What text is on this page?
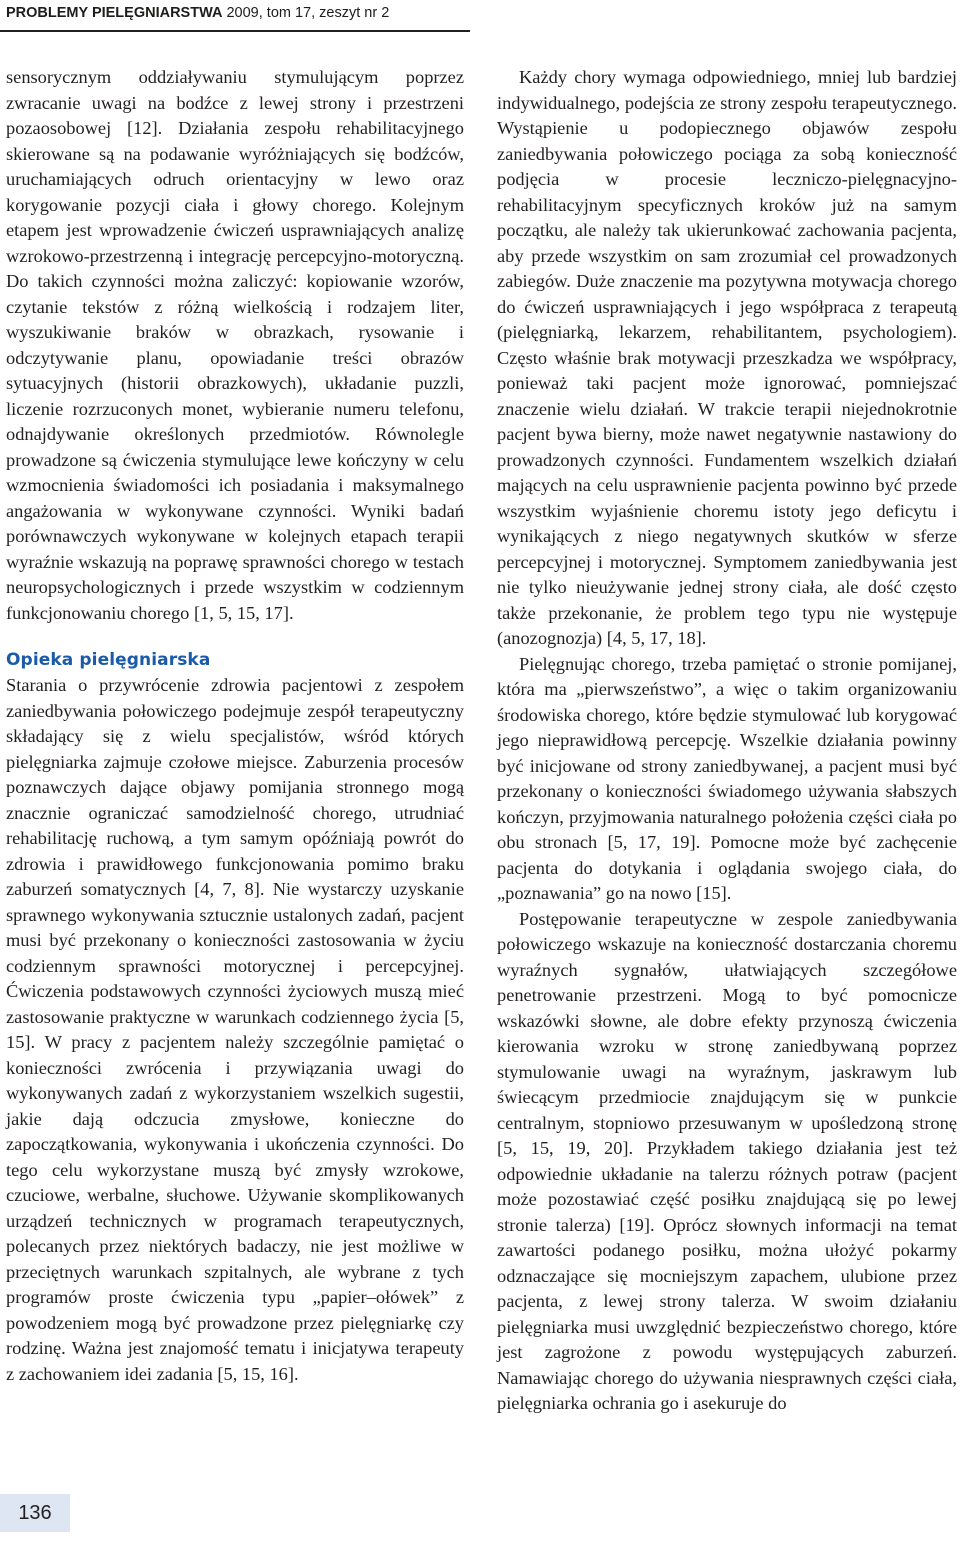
PROBLEMY PIELĘGNIARSTWA 2009, tom 17, zeszyt nr 2

sensorycznym oddziaływaniu stymulującym poprzez zwracanie uwagi na bodźce z lewej strony i przestrzeni pozaosobowej [12]. Działania zespołu rehabilitacyjnego skierowane są na podawanie wyróżniających się bodźców, uruchamiających odruch orientacyjny w lewo oraz korygowanie pozycji ciała i głowy chorego. Kolejnym etapem jest wprowadzenie ćwiczeń usprawniających analizę wzrokowo-przestrzenną i integrację percepcyjno-motoryczną. Do takich czynności można zaliczyć: kopiowanie wzorów, czytanie tekstów z różną wielkością i rodzajem liter, wyszukiwanie braków w obrazkach, rysowanie i odczytywanie planu, opowiadanie treści obrazów sytuacyjnych (historii obrazkowych), układanie puzzli, liczenie rozrzuconych monet, wybieranie numeru telefonu, odnajdywanie określonych przedmiotów. Równolegle prowadzone są ćwiczenia stymulujące lewe kończyny w celu wzmocnienia świadomości ich posiadania i maksymalnego angażowania w wykonywane czynności. Wyniki badań porównawczych wykonywane w kolejnych etapach terapii wyraźnie wskazują na poprawę sprawności chorego w testach neuropsychologicznych i przede wszystkim w codziennym funkcjonowaniu chorego [1, 5, 15, 17].

Opieka pielęgniarska

Starania o przywrócenie zdrowia pacjentowi z zespołem zaniedbywania połowiczego podejmuje zespół terapeutyczny składający się z wielu specjalistów, wśród których pielęgniarka zajmuje czołowe miejsce. Zaburzenia procesów poznawczych dające objawy pomijania stronnego mogą znacznie ograniczać samodzielność chorego, utrudniać rehabilitację ruchową, a tym samym opóźniają powrót do zdrowia i prawidłowego funkcjonowania pomimo braku zaburzeń somatycznych [4, 7, 8]. Nie wystarczy uzyskanie sprawnego wykonywania sztucznie ustalonych zadań, pacjent musi być przekonany o konieczności zastosowania w życiu codziennym sprawności motorycznej i percepcyjnej. Ćwiczenia podstawowych czynności życiowych muszą mieć zastosowanie praktyczne w warunkach codziennego życia [5, 15]. W pracy z pacjentem należy szczególnie pamiętać o konieczności zwrócenia i przywiązania uwagi do wykonywanych zadań z wykorzystaniem wszelkich sugestii, jakie dają odczucia zmysłowe, konieczne do zapoczątkowania, wykonywania i ukończenia czynności. Do tego celu wykorzystane muszą być zmysły wzrokowe, czuciowe, werbalne, słuchowe. Używanie skomplikowanych urządzeń technicznych w programach terapeutycznych, polecanych przez niektórych badaczy, nie jest możliwe w przeciętnych warunkach szpitalnych, ale wybrane z tych programów proste ćwiczenia typu „papier–ołówek” z powodzeniem mogą być prowadzone przez pielęgniarkę czy rodzinę. Ważna jest znajomość tematu i inicjatywa terapeuty z zachowaniem idei zadania [5, 15, 16].

Każdy chory wymaga odpowiedniego, mniej lub bardziej indywidualnego, podejścia ze strony zespołu terapeutycznego. Wystąpienie u podopiecznego objawów zespołu zaniedbywania połowiczego pociąga za sobą konieczność podjęcia w procesie leczniczo-pielęgnacyjno-rehabilitacyjnym specyficznych kroków już na samym początku, ale należy tak ukierunkować zachowania pacjenta, aby przede wszystkim on sam zrozumiał cel prowadzonych zabiegów. Duże znaczenie ma pozytywna motywacja chorego do ćwiczeń usprawniających i jego współpraca z terapeutą (pielęgniarką, lekarzem, rehabilitantem, psychologiem). Często właśnie brak motywacji przeszkadza we współpracy, ponieważ taki pacjent może ignorować, pomniejszać znaczenie wielu działań. W trakcie terapii niejednokrotnie pacjent bywa bierny, może nawet negatywnie nastawiony do prowadzonych czynności. Fundamentem wszelkich działań mających na celu usprawnienie pacjenta powinno być przede wszystkim wyjaśnienie choremu istoty jego deficytu i wynikających z niego negatywnych skutków w sferze percepcyjnej i motorycznej. Symptomem zaniedbywania jest nie tylko nieużywanie jednej strony ciała, ale dość często także przekonanie, że problem tego typu nie występuje (anozognozja) [4, 5, 17, 18].

Pielęgnując chorego, trzeba pamiętać o stronie pomijanej, która ma „pierwszeństwo”, a więc o takim organizowaniu środowiska chorego, które będzie stymulować lub korygować jego nieprawidłową percepcję. Wszelkie działania powinny być inicjowane od strony zaniedbywanej, a pacjent musi być przekonany o konieczności świadomego używania słabszych kończyn, przyjmowania naturalnego położenia części ciała po obu stronach [5, 17, 19]. Pomocne może być zachęcenie pacjenta do dotykania i oglądania swojego ciała, do „poznawania” go na nowo [15].

Postępowanie terapeutyczne w zespole zaniedbywania połowiczego wskazuje na konieczność dostarczania choremu wyraźnych sygnałów, ułatwiających szczegółowe penetrowanie przestrzeni. Mogą to być pomocnicze wskazówki słowne, ale dobre efekty przynoszą ćwiczenia kierowania wzroku w stronę zaniedbywaną poprzez stymulowanie uwagi na wyraźnym, jaskrawym lub świecącym przedmiocie znajdującym się w punkcie centralnym, stopniowo przesuwanym w upośledzoną stronę [5, 15, 19, 20]. Przykładem takiego działania jest też odpowiednie układanie na talerzu różnych potraw (pacjent może pozostawiać część posiłku znajdującą się po lewej stronie talerza) [19]. Oprócz słownych informacji na temat zawartości podanego posiłku, można ułożyć pokarmy odznaczające się mocniejszym zapachem, ulubione przez pacjenta, z lewej strony talerza. W swoim działaniu pielęgniarka musi uwzględnić bezpieczeństwo chorego, które jest zagrożone z powodu występujących zaburzeń. Namawiając chorego do używania niesprawnych części ciała, pielęgniarka ochrania go i asekuruje do

136
